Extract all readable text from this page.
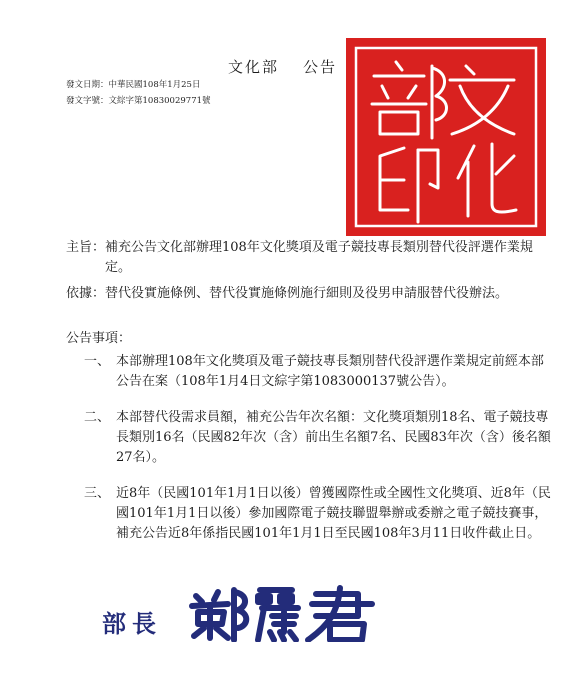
文化部 公告
發文日期：中華民國108年1月25日
發文字號：文綜字第10830029771號
主旨： 補充公告文化部辦理108年文化獎項及電子競技專長類別替代役評選作業規定。
依據： 替代役實施條例、替代役實施條例施行細則及役男申請服替代役辦法。
公告事項：
一、 本部辦理108年文化獎項及電子競技專長類別替代役評選作業規定前經本部公告在案（108年1月4日文綜字第1083000137號公告）。
二、 本部替代役需求員額，補充公告年次名額：文化獎項類別18名、電子競技專長類別16名（民國82年次（含）前出生名額7名、民國83年次（含）後名額27名）。
三、 近8年（民國101年1月1日以後）曾獲國際性或全國性文化獎項、近8年（民國101年1月1日以後）參加國際電子競技聯盟舉辦或委辦之電子競技賽事，補充公告近8年係指民國101年1月1日至民國108年3月11日收件截止日。
部長
